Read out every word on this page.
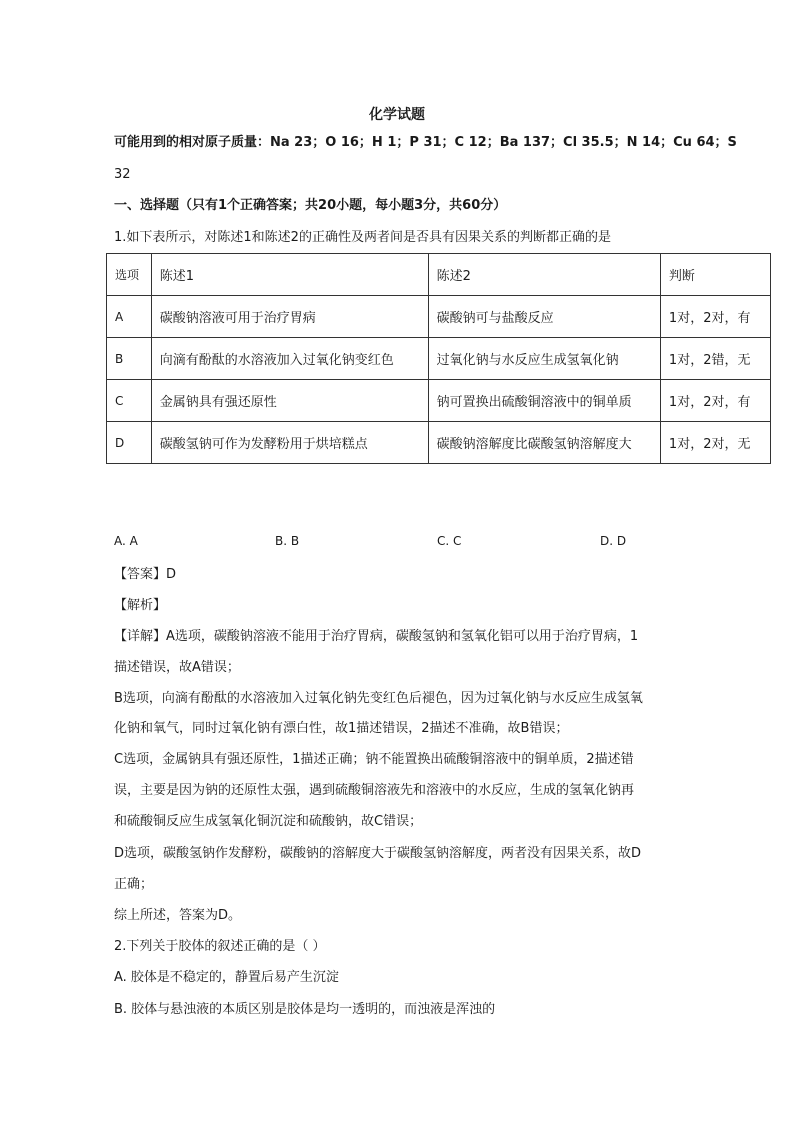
化学试题
可能用到的相对原子质量：Na 23；O 16；H 1；P 31；C 12；Ba 137；Cl 35.5；N 14；Cu 64；S
32
一、选择题（只有1个正确答案；共20小题，每小题3分，共60分）
1.如下表所示，对陈述1和陈述2的正确性及两者间是否具有因果关系的判断都正确的是
选项	陈述1	陈述2	判断
A	碳酸钠溶液可用于治疗胃病	碳酸钠可与盐酸反应	1对，2对，有
B	向滴有酚酞的水溶液加入过氧化钠变红色	过氧化钠与水反应生成氢氧化钠	1对，2错，无
C	金属钠具有强还原性	钠可置换出硫酸铜溶液中的铜单质	1对，2对，有
D	碳酸氢钠可作为发酵粉用于烘培糕点	碳酸钠溶解度比碳酸氢钠溶解度大	1对，2对，无
A. A	B. B	C. C	D. D
【答案】D
【解析】
【详解】A选项，碳酸钠溶液不能用于治疗胃病，碳酸氢钠和氢氧化铝可以用于治疗胃病，1
描述错误，故A错误；
B选项，向滴有酚酞的水溶液加入过氧化钠先变红色后褪色，因为过氧化钠与水反应生成氢氧
化钠和氧气，同时过氧化钠有漂白性，故1描述错误，2描述不准确，故B错误；
C选项，金属钠具有强还原性，1描述正确；钠不能置换出硫酸铜溶液中的铜单质，2描述错
误，主要是因为钠的还原性太强，遇到硫酸铜溶液先和溶液中的水反应，生成的氢氧化钠再
和硫酸铜反应生成氢氧化铜沉淀和硫酸钠，故C错误；
D选项，碳酸氢钠作发酵粉，碳酸钠的溶解度大于碳酸氢钠溶解度，两者没有因果关系，故D
正确；
综上所述，答案为D。
2.下列关于胶体的叙述正确的是（ ）
A. 胶体是不稳定的，静置后易产生沉淀
B. 胶体与悬浊液的本质区别是胶体是均一透明的，而浊液是浑浊的
